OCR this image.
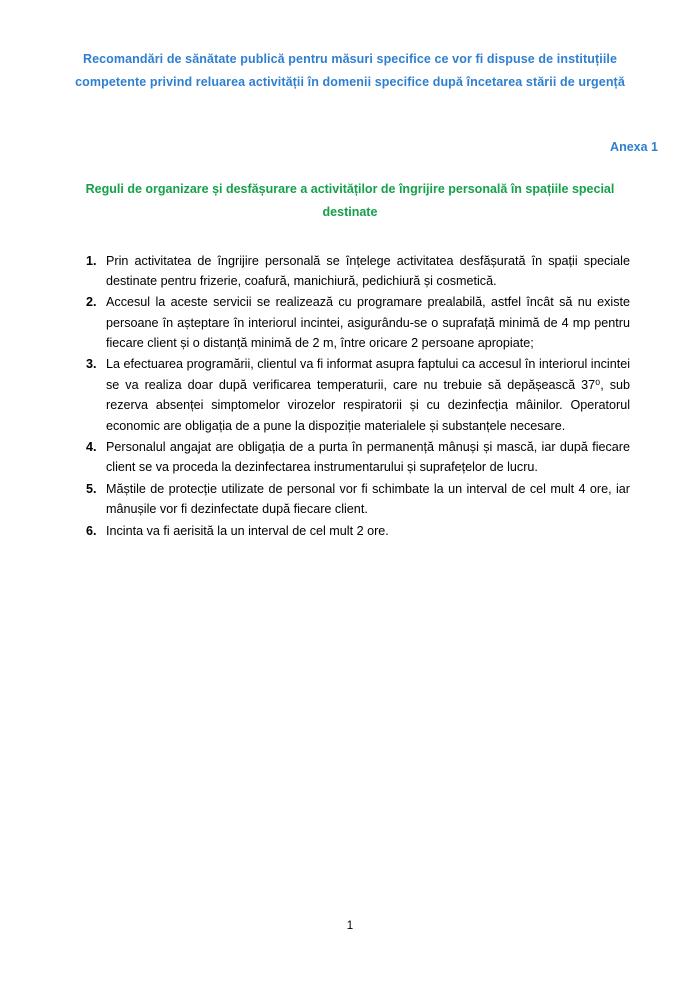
Recomandări de sănătate publică pentru măsuri specifice ce vor fi dispuse de instituțiile competente privind reluarea activității în domenii specifice după încetarea stării de urgență
Anexa 1
Reguli de organizare și desfășurare a activităților de îngrijire personală în spațiile special destinate
1. Prin activitatea de îngrijire personală se înțelege activitatea desfășurată în spații speciale destinate pentru frizerie, coafură, manichiură, pedichiură și cosmetică.
2. Accesul la aceste servicii se realizează cu programare prealabilă, astfel încât să nu existe persoane în așteptare în interiorul incintei, asigurându-se o suprafață minimă de 4 mp pentru fiecare client și o distanță minimă de 2 m, între oricare 2 persoane apropiate;
3. La efectuarea programării, clientul va fi informat asupra faptului ca accesul în interiorul incintei se va realiza doar după verificarea temperaturii, care nu trebuie să depășească 37⁰, sub rezerva absenței simptomelor virozelor respiratorii și cu dezinfecția mâinilor. Operatorul economic are obligația de a pune la dispoziție materialele și substanțele necesare.
4. Personalul angajat are obligația de a purta în permanență mânuși și mască, iar după fiecare client se va proceda la dezinfectarea instrumentarului și suprafețelor de lucru.
5. Măștile de protecție utilizate de personal vor fi schimbate la un interval de cel mult 4 ore, iar mânușile vor fi dezinfectate după fiecare client.
6. Incinta va fi aerisită la un interval de cel mult 2 ore.
1
